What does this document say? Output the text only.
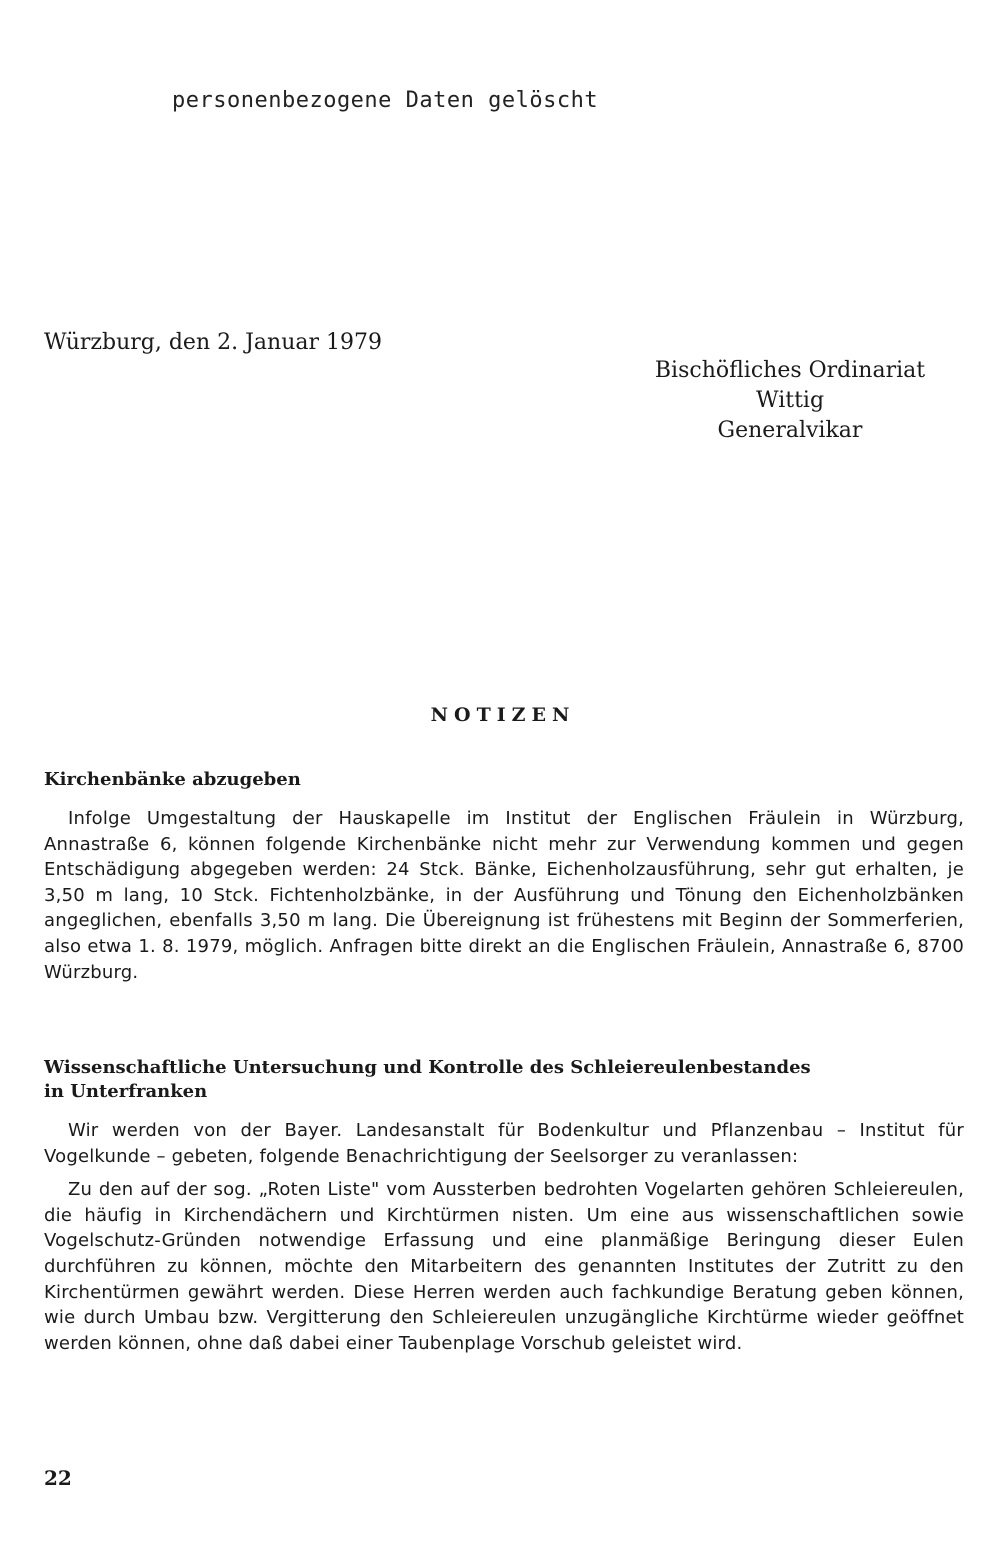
personenbezogene Daten gelöscht
Würzburg, den 2. Januar 1979
Bischöfliches Ordinariat
Wittig
Generalvikar
NOTIZEN
Kirchenbänke abzugeben

Infolge Umgestaltung der Hauskapelle im Institut der Englischen Fräulein in Würzburg, Annastraße 6, können folgende Kirchenbänke nicht mehr zur Verwendung kommen und gegen Entschädigung abgegeben werden: 24 Stck. Bänke, Eichenholzausführung, sehr gut erhalten, je 3,50 m lang, 10 Stck. Fichtenholzbänke, in der Ausführung und Tönung den Eichenholzbänken angeglichen, ebenfalls 3,50 m lang. Die Übereignung ist frühestens mit Beginn der Sommerferien, also etwa 1. 8. 1979, möglich. Anfragen bitte direkt an die Englischen Fräulein, Annastraße 6, 8700 Würzburg.

Wissenschaftliche Untersuchung und Kontrolle des Schleiereulenbestandes
in Unterfranken

Wir werden von der Bayer. Landesanstalt für Bodenkultur und Pflanzenbau – Institut für Vogelkunde – gebeten, folgende Benachrichtigung der Seelsorger zu veranlassen:

Zu den auf der sog. „Roten Liste" vom Aussterben bedrohten Vogelarten gehören Schleiereulen, die häufig in Kirchendächern und Kirchtürmen nisten. Um eine aus wissenschaftlichen sowie Vogelschutz-Gründen notwendige Erfassung und eine planmäßige Beringung dieser Eulen durchführen zu können, möchte den Mitarbeitern des genannten Institutes der Zutritt zu den Kirchentürmen gewährt werden. Diese Herren werden auch fachkundige Beratung geben können, wie durch Umbau bzw. Vergitterung den Schleiereulen unzugängliche Kirchtürme wieder geöffnet werden können, ohne daß dabei einer Taubenplage Vorschub geleistet wird.

22
